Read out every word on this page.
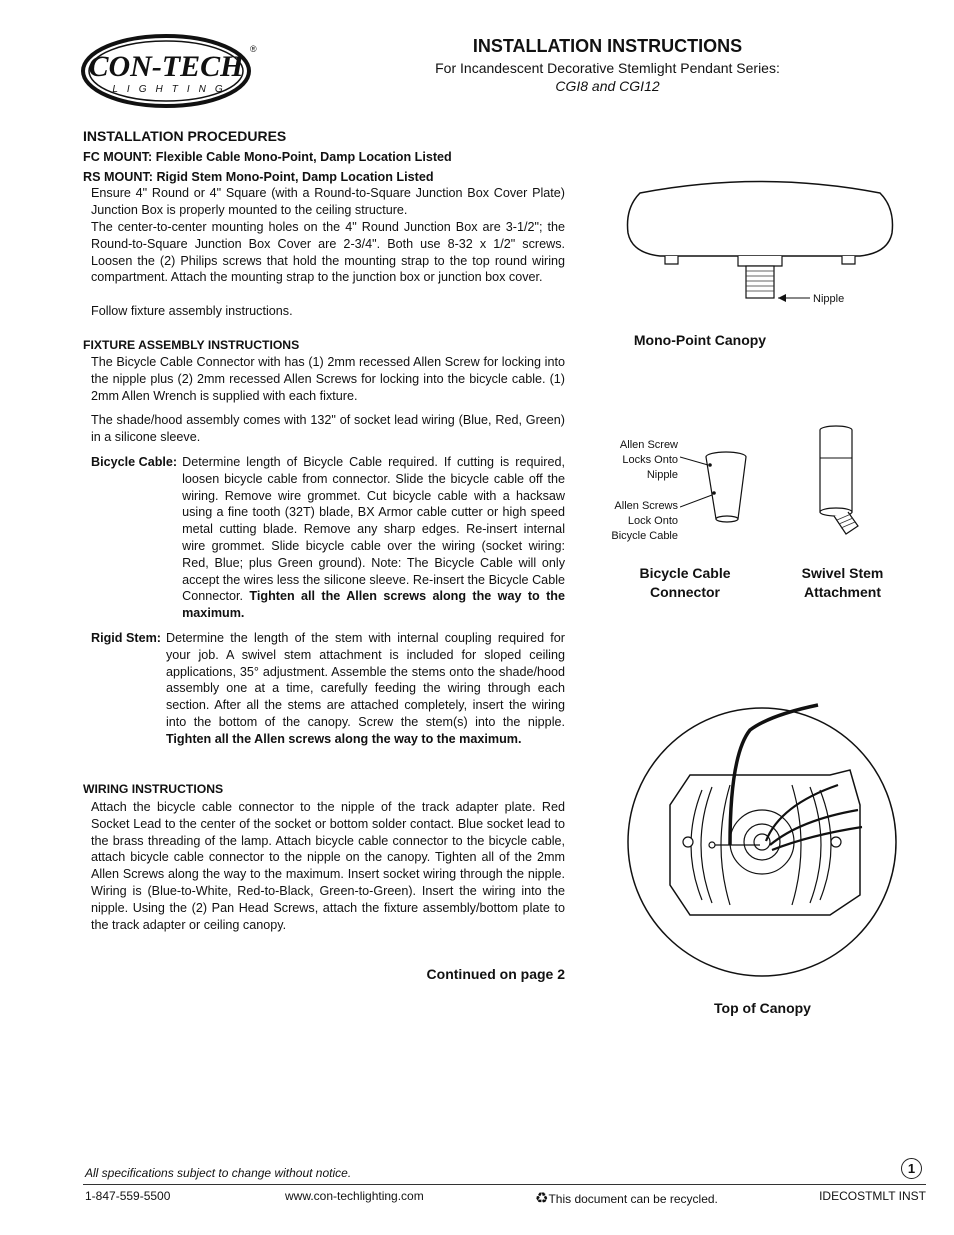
CON-TECH
LIGHTING
®	INSTALLATION INSTRUCTIONS
For Incandescent Decorative Stemlight Pendant Series:
CGI8 and CGI12
INSTALLATION PROCEDURES
FC MOUNT: Flexible Cable Mono-Point, Damp Location Listed
RS MOUNT: Rigid Stem Mono-Point, Damp Location Listed
Ensure 4" Round or 4" Square (with a Round-to-Square Junction Box Cover Plate) Junction Box is properly mounted to the ceiling structure.
The center-to-center mounting holes on the 4" Round Junction Box are 3-1/2"; the Round-to-Square Junction Box Cover are 2-3/4". Both use 8-32 x 1/2" screws. Loosen the (2) Philips screws that hold the mounting strap to the top round wiring compartment. Attach the mounting strap to the junction box or junction box cover.
Follow fixture assembly instructions.
FIXTURE ASSEMBLY INSTRUCTIONS
The Bicycle Cable Connector with has (1) 2mm recessed Allen Screw for locking into the nipple plus (2) 2mm recessed Allen Screws for locking into the bicycle cable. (1) 2mm Allen Wrench is supplied with each fixture.
The shade/hood assembly comes with 132" of socket lead wiring (Blue, Red, Green) in a silicone sleeve.
Bicycle Cable: Determine length of Bicycle Cable required. If cutting is required, loosen bicycle cable from connector. Slide the bicycle cable off the wiring. Remove wire grommet. Cut bicycle cable with a hacksaw using a fine tooth (32T) blade, BX Armor cable cutter or high speed metal cutting blade. Remove any sharp edges. Re-insert internal wire grommet. Slide bicycle cable over the wiring (socket wiring: Red, Blue; plus Green ground). Note: The Bicycle Cable will only accept the wires less the silicone sleeve. Re-insert the Bicycle Cable Connector. Tighten all the Allen screws along the way to the maximum.
Rigid Stem: Determine the length of the stem with internal coupling required for your job. A swivel stem attachment is included for sloped ceiling applications, 35° adjustment. Assemble the stems onto the shade/hood assembly one at a time, carefully feeding the wiring through each section. After all the stems are attached completely, insert the wiring into the bottom of the canopy. Screw the stem(s) into the nipple. Tighten all the Allen screws along the way to the maximum.
WIRING INSTRUCTIONS
Attach the bicycle cable connector to the nipple of the track adapter plate. Red Socket Lead to the center of the socket or bottom solder contact. Blue socket lead to the brass threading of the lamp. Attach bicycle cable connector to the bicycle cable, attach bicycle cable connector to the nipple on the canopy. Tighten all of the 2mm Allen Screws along the way to the maximum. Insert socket wiring through the nipple. Wiring is (Blue-to-White, Red-to-Black, Green-to-Green). Insert the wiring into the nipple. Using the (2) Pan Head Screws, attach the fixture assembly/bottom plate to the track adapter or ceiling canopy.
Continued on page 2
Nipple
Mono-Point Canopy
Allen Screw
Locks Onto
Nipple
Allen Screws
Lock Onto
Bicycle Cable
Bicycle Cable
Connector
Swivel Stem
Attachment
Top of Canopy
All specifications subject to change without notice.	1
1-847-559-5500	www.con-techlighting.com	♻This document can be recycled.	IDECOSTMLT INST
